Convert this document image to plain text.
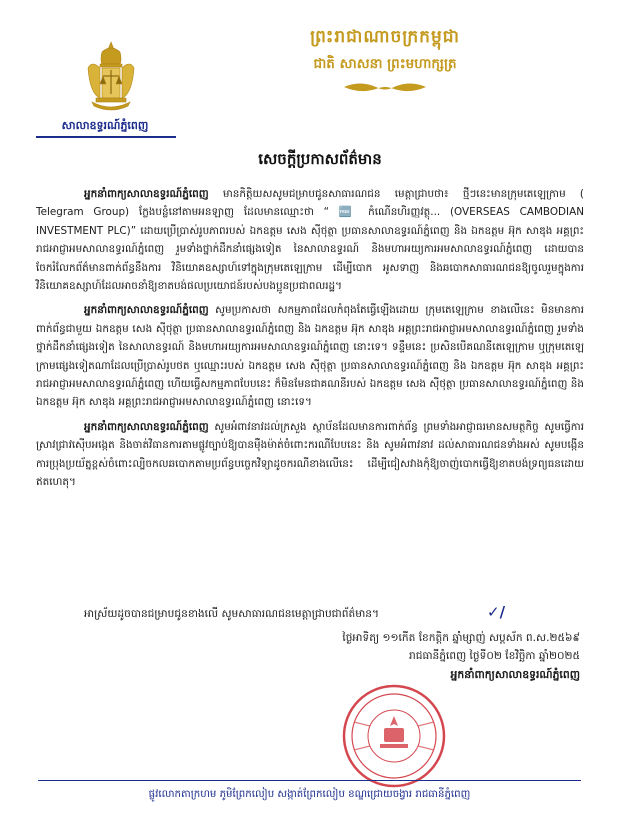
សាលាឧទ្ធរណ៍ភ្នំពេញ
ព្រះរាជាណាចក្រកម្ពុជា
ជាតិ សាសនា ព្រះមហាក្សត្រ
សេចក្តីប្រកាសព័ត៌មាន

អ្នកនាំពាក្យសាលាឧទ្ធរណ៍ភ្នំពេញ មានកិត្តិយសសូមជម្រាបជូនសាធារណជន មេត្តាជ្រាបថា៖ ថ្មីៗនេះមានក្រុមតេឡេក្រាម ( Telegram Group) ក្លែងបន្លំនៅតាមអនឡាញ ដែលមានឈ្មោះថា “ 🆓 កំណើនហិរញ្ញវត្ថុ... (OVERSEAS CAMBODIAN INVESTMENT PLC)” ដោយប្រើប្រាស់រូបភាពរបស់ ឯកឧត្តម សេង ស៊ីថុត្ថា ប្រធានសាលាឧទ្ធរណ៍ភ្នំពេញ និង ឯកឧត្តម អ៊ុក សាឌុង អគ្គព្រះរាជអាជ្ញាអមសាលាឧទ្ធរណ៍ភ្នំពេញ រួមទាំងថ្នាក់ដឹកនាំផ្សេងទៀត នៃសាលាឧទ្ធរណ៍ និងមហាអយ្យការអមសាលាឧទ្ធរណ៍ភ្នំពេញ ដោយបានចែករំលែកព័ត៌មានពាក់ព័ន្ធនឹងការ វិនិយោគឧស្សាហ៍ទៅក្នុងក្រុមតេឡេក្រាម ដើម្បីបោក អូសទាញ និងឆបោកសាធារណជនឱ្យចូលរួមក្នុងការវិនិយោគឧស្សាហ៍ដែលអាចនាំឱ្យខាតបង់ផលប្រយោជន៍របស់បងប្អូនប្រជាពលរដ្ឋ។

អ្នកនាំពាក្យសាលាឧទ្ធរណ៍ភ្នំពេញ សូមប្រកាសថា សកម្មភាពដែលកំពុងតែធ្វើឡើងដោយ ក្រុមតេឡេក្រាម ខាងលើនេះ មិនមានការពាក់ព័ន្ធជាមួយ ឯកឧត្តម សេង ស៊ីថុត្ថា ប្រធានសាលាឧទ្ធរណ៍ភ្នំពេញ និង ឯកឧត្តម អ៊ុក សាឌុង អគ្គព្រះរាជអាជ្ញាអមសាលាឧទ្ធរណ៍ភ្នំពេញ រួមទាំងថ្នាក់ដឹកនាំផ្សេងទៀត នៃសាលាឧទ្ធរណ៍ និងមហាអយ្យការអមសាលាឧទ្ធរណ៍ភ្នំពេញ នោះទេ។ ទន្ទឹមនេះ ប្រសិនបើគណនីតេឡេក្រាម ឬក្រុមតេឡេក្រាមផ្សេងទៀតណាដែលប្រើប្រាស់រូបថត ឬឈ្មោះរបស់ ឯកឧត្តម សេង ស៊ីថុត្ថា ប្រធានសាលាឧទ្ធរណ៍ភ្នំពេញ និង ឯកឧត្តម អ៊ុក សាឌុង អគ្គព្រះរាជអាជ្ញាអមសាលាឧទ្ធរណ៍ភ្នំពេញ ហើយធ្វើសកម្មភាពបែបនេះ ក៏មិនមែនជាគណនីរបស់ ឯកឧត្តម សេង ស៊ីថុត្ថា ប្រធានសាលាឧទ្ធរណ៍ភ្នំពេញ និង ឯកឧត្តម អ៊ុក សាឌុង អគ្គព្រះរាជអាជ្ញាអមសាលាឧទ្ធរណ៍ភ្នំពេញ នោះទេ។

អ្នកនាំពាក្យសាលាឧទ្ធរណ៍ភ្នំពេញ សូមអំពាវនាវដល់ក្រសួង ស្ថាប័នដែលមានការពាក់ព័ន្ធ ព្រមទាំងអាជ្ញាធរមានសមត្ថកិច្ច សូមធ្វើការស្រាវជ្រាវស៊ើបអង្កេត និងចាត់វិធានការតាមផ្លូវច្បាប់ឱ្យបានម៉ឺងម៉ាត់ចំពោះករណីបែបនេះ និង សូមអំពាវនាវ ដល់សាធារណជនទាំងអស់ សូមបង្កើនការប្រុងប្រយ័ត្នខ្ពស់ចំពោះល្បិចកលឆបោកតាមប្រព័ន្ធបច្ចេកវិទ្យាដូចករណីខាងលើនេះ ដើម្បីជៀសវាងកុំឱ្យចាញ់បោកធ្វើឱ្យខាតបង់ទ្រព្យធនដោយឥតហេតុ។

អាស្រ័យដូចបានជម្រាបជូនខាងលើ សូមសាធារណជនមេត្តាជ្រាបជាព័ត៌មាន។	✓/
ថ្ងៃអាទិត្យ ១១កើត ខែកត្តិក ឆ្នាំម្សាញ់ សប្តស័ក ព.ស.២៥៦៩
រាជធានីភ្នំពេញ ថ្ងៃទី០២ ខែវិច្ឆិកា ឆ្នាំ២០២៥
អ្នកនាំពាក្យសាលាឧទ្ធរណ៍ភ្នំពេញ
ផ្លូវលោកតាក្រហម ភូមិព្រែកលៀប សង្កាត់ព្រែកលៀប ខណ្ឌជ្រោយចង្វារ រាជធានីភ្នំពេញ
